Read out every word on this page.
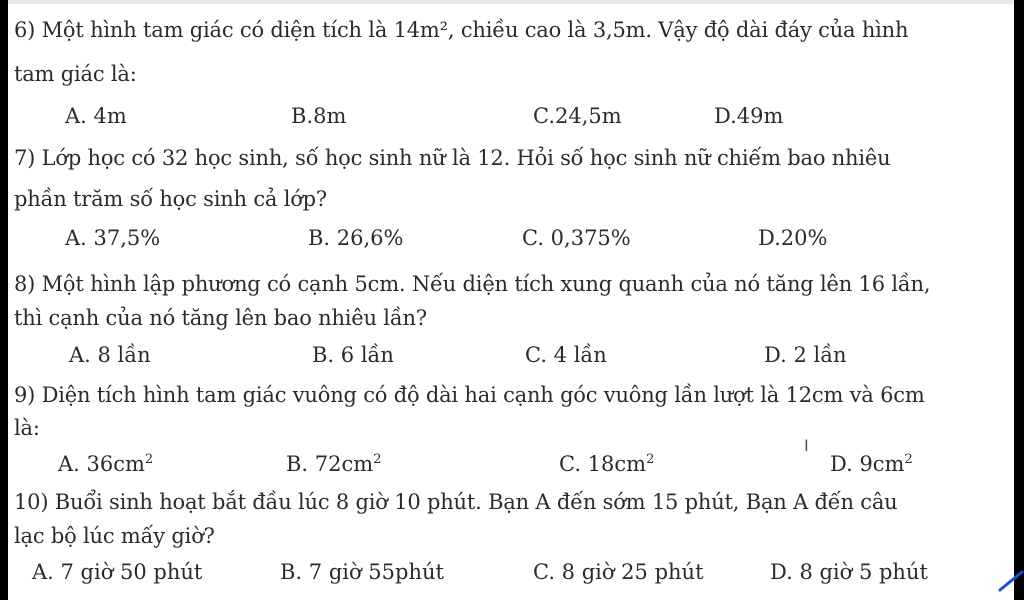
6) Một hình tam giác có diện tích là 14m², chiều cao là 3,5m. Vậy độ dài đáy của hình
tam giác là:
A. 4m	B.8m	C.24,5m	D.49m
7) Lớp học có 32 học sinh, số học sinh nữ là 12. Hỏi số học sinh nữ chiếm bao nhiêu
phần trăm số học sinh cả lớp?
A. 37,5%	B. 26,6%	C. 0,375%	D.20%
8) Một hình lập phương có cạnh 5cm. Nếu diện tích xung quanh của nó tăng lên 16 lần,
thì cạnh của nó tăng lên bao nhiêu lần?
A. 8 lần	B. 6 lần	C. 4 lần	D. 2 lần
9) Diện tích hình tam giác vuông có độ dài hai cạnh góc vuông lần lượt là 12cm và 6cm
là:
A. $36cm^2$	B. $72cm^2$	C. $18cm^2$	D. $9cm^2$
I
10) Buổi sinh hoạt bắt đầu lúc 8 giờ 10 phút. Bạn A đến sớm 15 phút, Bạn A đến câu
lạc bộ lúc mấy giờ?
A. 7 giờ 50 phút	B. 7 giờ 55phút	C. 8 giờ 25 phút	D. 8 giờ 5 phút
